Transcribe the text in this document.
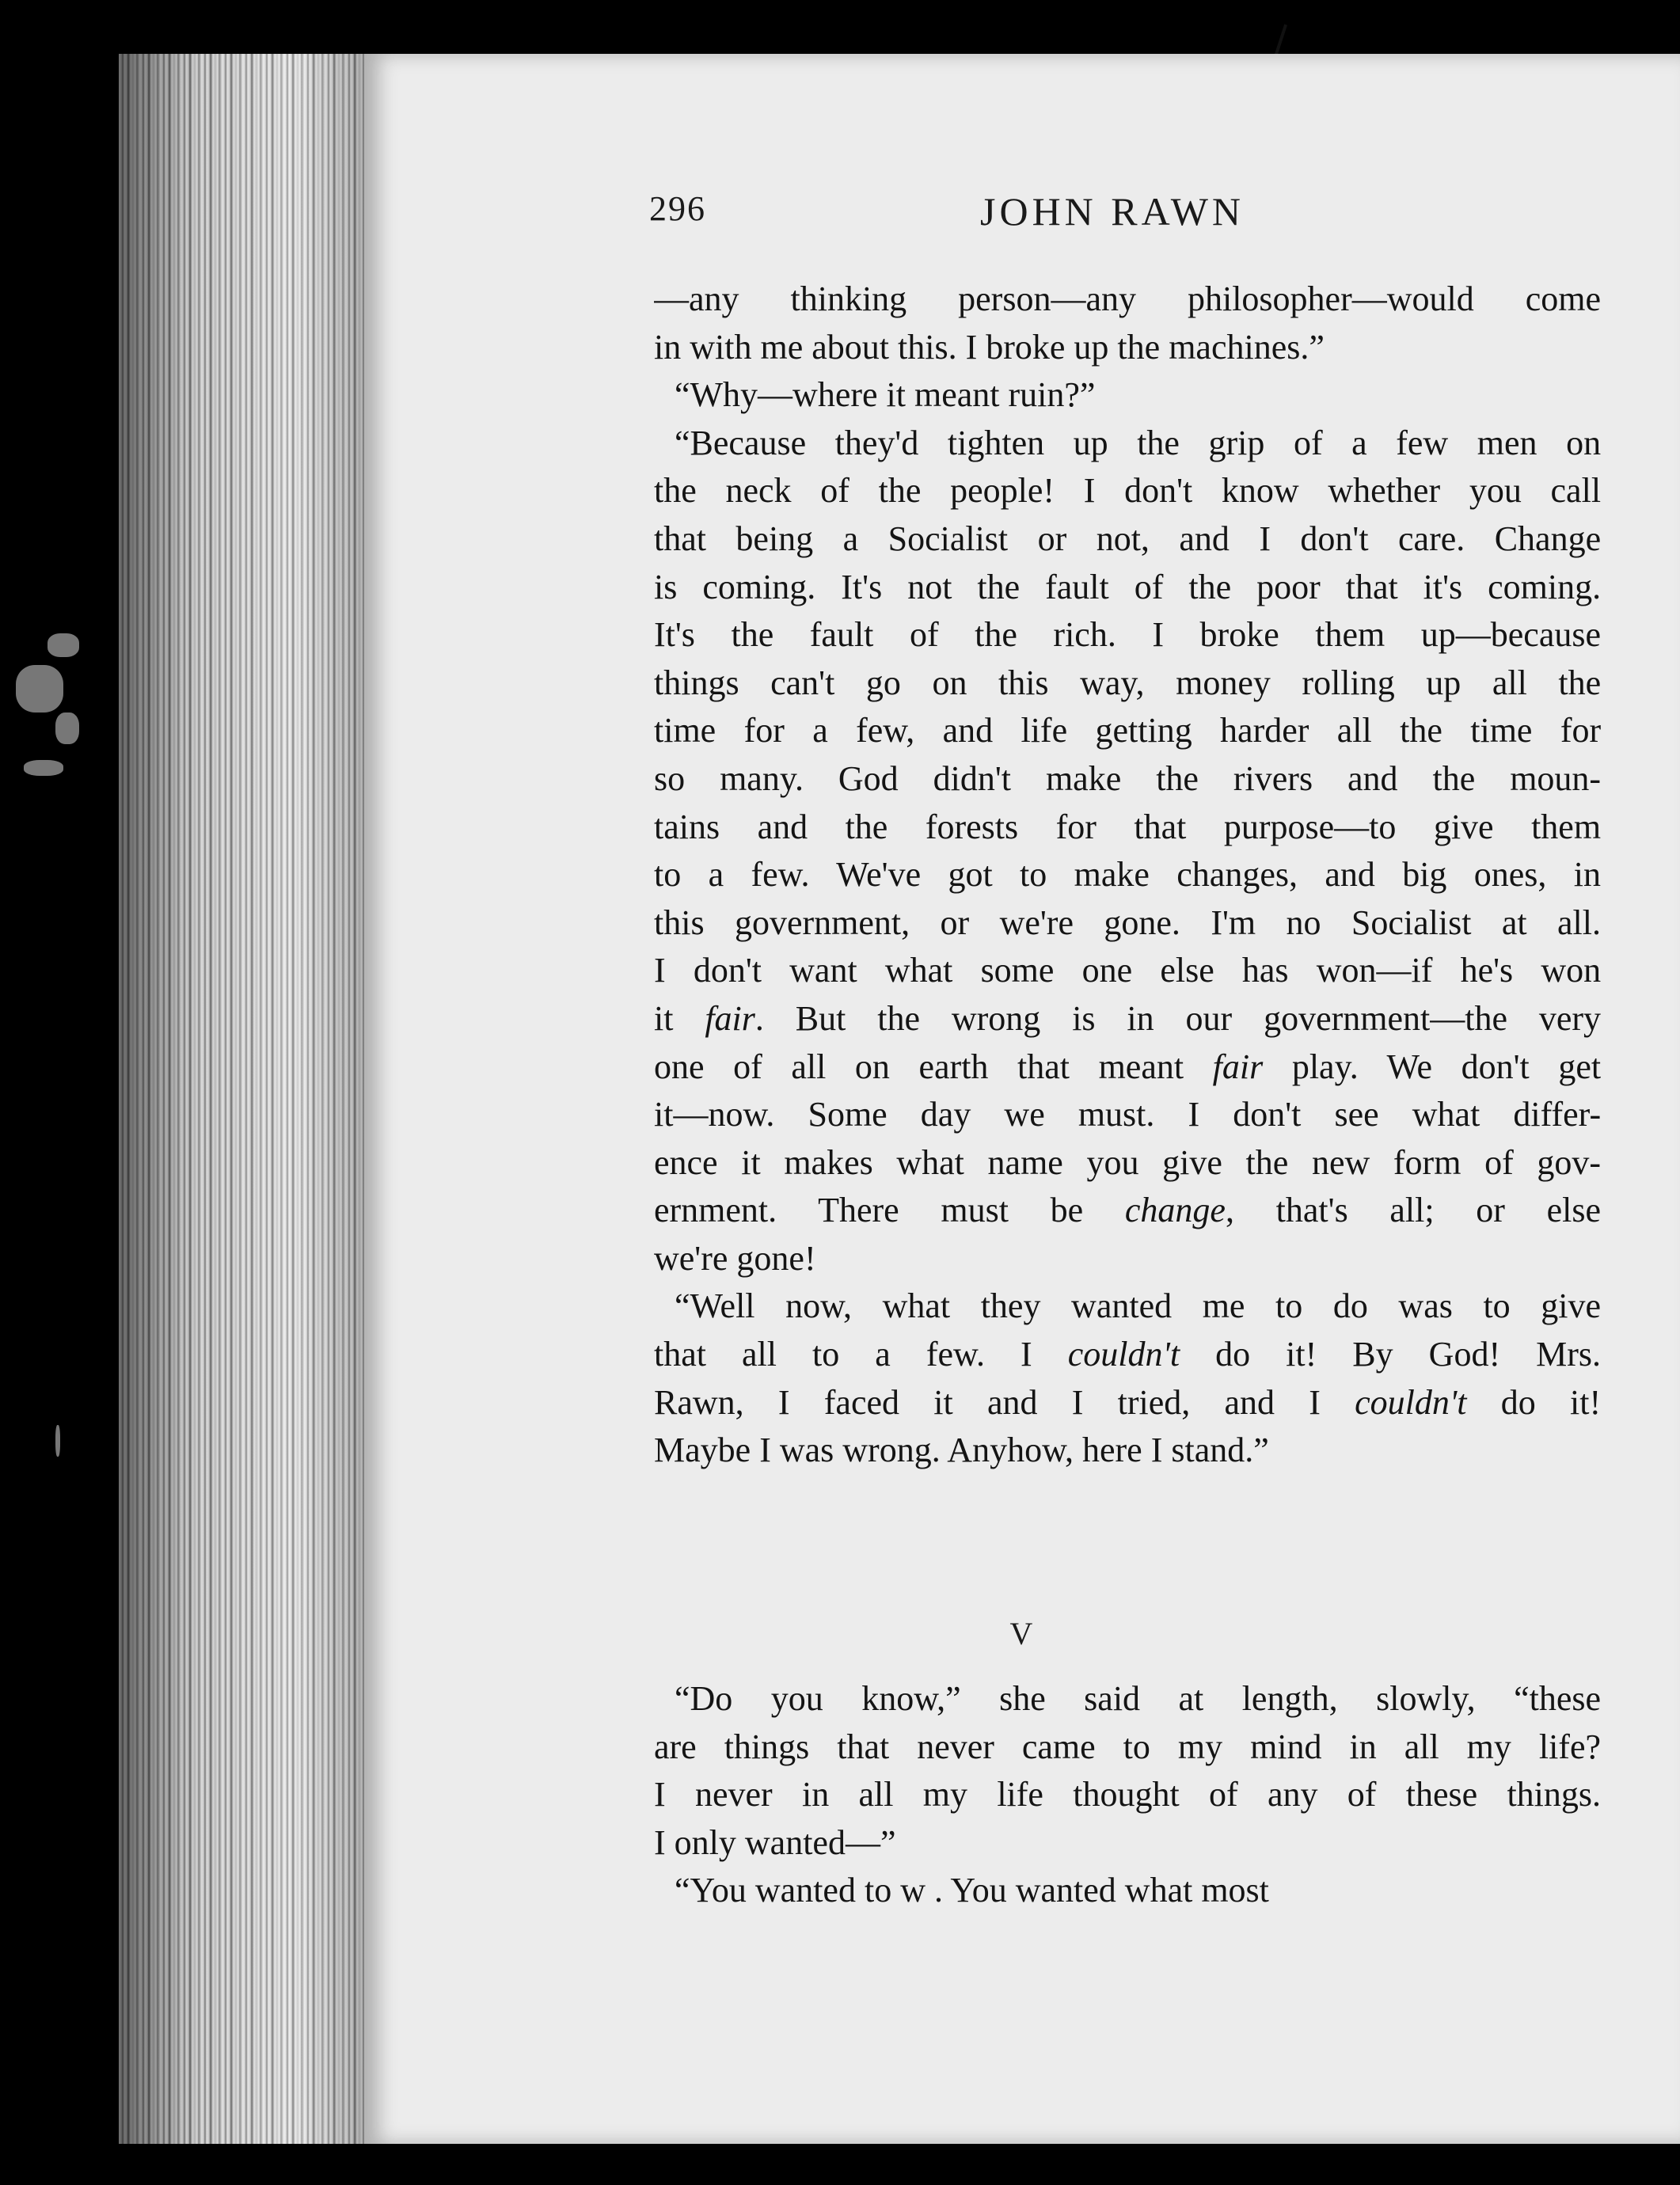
296	JOHN RAWN
—any thinking person—any philosopher—would come
in with me about this. I broke up the machines.”
“Why—where it meant ruin?”
“Because they'd tighten up the grip of a few men on
the neck of the people! I don't know whether you call
that being a Socialist or not, and I don't care. Change
is coming. It's not the fault of the poor that it's coming.
It's the fault of the rich. I broke them up—because
things can't go on this way, money rolling up all the
time for a few, and life getting harder all the time for
so many. God didn't make the rivers and the moun-
tains and the forests for that purpose—to give them
to a few. We've got to make changes, and big ones, in
this government, or we're gone. I'm no Socialist at all.
I don't want what some one else has won—if he's won
it fair. But the wrong is in our government—the very
one of all on earth that meant fair play. We don't get
it—now. Some day we must. I don't see what differ-
ence it makes what name you give the new form of gov-
ernment. There must be change, that's all; or else
we're gone!
“Well now, what they wanted me to do was to give
that all to a few. I couldn't do it! By God! Mrs.
Rawn, I faced it and I tried, and I couldn't do it!
Maybe I was wrong. Anyhow, here I stand.”
V
“Do you know,” she said at length, slowly, “these
are things that never came to my mind in all my life?
I never in all my life thought of any of these things.
I only wanted—”
“You wanted to w . You wanted what most
